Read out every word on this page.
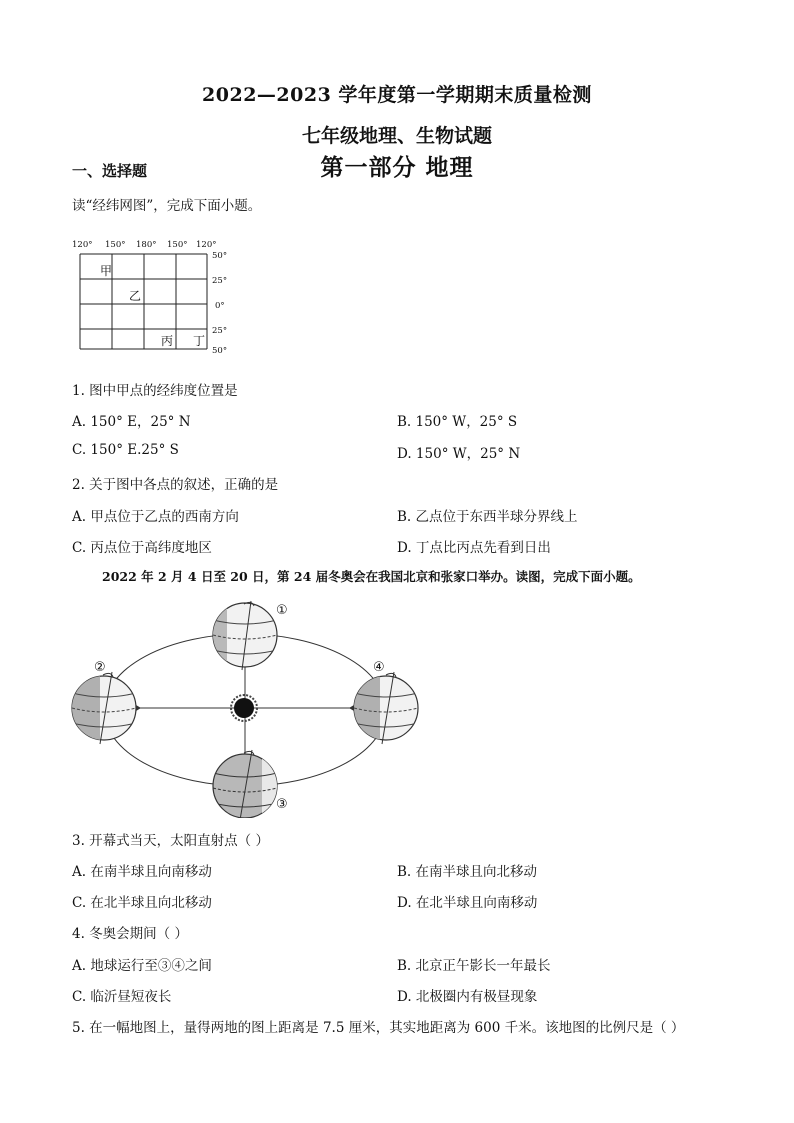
2022—2023 学年度第一学期期末质量检测
七年级地理、生物试题
第一部分 地理
一、选择题
读“经纬网图”，完成下面小题。
120° 150° 180° 150° 120°
50°
25°
0°
25°
50°
甲
乙
丙 丁
1. 图中甲点的经纬度位置是
A. 150° E，25° N	B. 150° W，25° S
C. 150° E.25° S	D. 150° W，25° N
2. 关于图中各点的叙述，正确的是
A. 甲点位于乙点的西南方向	B. 乙点位于东西半球分界线上
C. 丙点位于高纬度地区	D. 丁点比丙点先看到日出
2022 年 2 月 4 日至 20 日，第 24 届冬奥会在我国北京和张家口举办。读图，完成下面小题。
①
②
③
④
3. 开幕式当天，太阳直射点（ ）
A. 在南半球且向南移动	B. 在南半球且向北移动
C. 在北半球且向北移动	D. 在北半球且向南移动
4. 冬奥会期间（ ）
A. 地球运行至③④之间	B. 北京正午影长一年最长
C. 临沂昼短夜长	D. 北极圈内有极昼现象
5. 在一幅地图上，量得两地的图上距离是 7.5 厘米，其实地距离为 600 千米。该地图的比例尺是（ ）
